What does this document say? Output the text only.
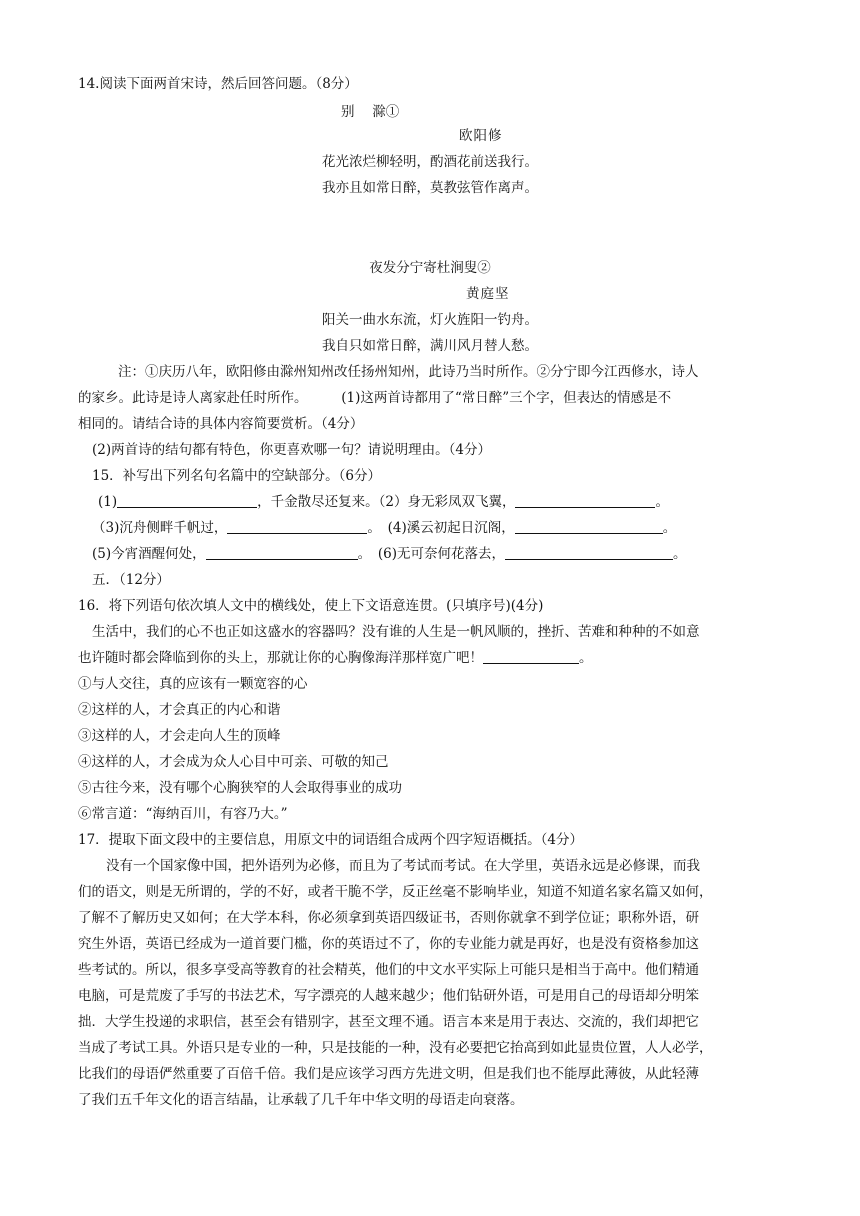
14.阅读下面两首宋诗，然后回答问题。（8分）
别　 滁①
欧阳修
花光浓烂柳轻明，酌酒花前送我行。
我亦且如常日醉，莫教弦管作离声。
夜发分宁寄杜涧叟②
黄庭坚
阳关一曲水东流，灯火旌阳一钓舟。
我自只如常日醉，满川风月替人愁。
注：①庆历八年，欧阳修由滁州知州改任扬州知州，此诗乃当时所作。②分宁即今江西修水，诗人
的家乡。此诗是诗人离家赴任时所作。　　　(1)这两首诗都用了“常日醉”三个字，但表达的情感是不
相同的。请结合诗的具体内容简要赏析。（4分）
(2)两首诗的结句都有特色，你更喜欢哪一句？请说明理由。（4分）
15．补写出下列名句名篇中的空缺部分。（6分）
(1)	，千金散尽还复来。（2）身无彩凤双飞翼，	。
（3)沉舟侧畔千帆过，	。　(4)溪云初起日沉阁，	。
(5)今宵酒醒何处，	。　(6)无可奈何花落去，	。
五．（12分）
16．将下列语句依次填人文中的横线处，使上下文语意连贯。(只填序号)(4分)
生活中，我们的心不也正如这盛水的容器吗？没有谁的人生是一帆风顺的，挫折、苦难和种种的不如意
也许随时都会降临到你的头上，那就让你的心胸像海洋那样宽广吧！	。
①与人交往，真的应该有一颗宽容的心
②这样的人，才会真正的内心和谐
③这样的人，才会走向人生的顶峰
④这样的人，才会成为众人心目中可亲、可敬的知己
⑤古往今来，没有哪个心胸狭窄的人会取得事业的成功
⑥常言道：“海纳百川，有容乃大。”
17．提取下面文段中的主要信息，用原文中的词语组合成两个四字短语概括。（4分）
没有一个国家像中国，把外语列为必修，而且为了考试而考试。在大学里，英语永远是必修课，而我
们的语文，则是无所谓的，学的不好，或者干脆不学，反正丝毫不影响毕业，知道不知道名家名篇又如何，
了解不了解历史又如何；在大学本科，你必须拿到英语四级证书，否则你就拿不到学位证；职称外语，研
究生外语，英语已经成为一道首要门槛，你的英语过不了，你的专业能力就是再好，也是没有资格参加这
些考试的。所以，很多享受高等教育的社会精英，他们的中文水平实际上可能只是相当于高中。他们精通
电脑，可是荒废了手写的书法艺术，写字漂亮的人越来越少；他们钻研外语，可是用自己的母语却分明笨
拙．大学生投递的求职信，甚至会有错别字，甚至文理不通。语言本来是用于表达、交流的，我们却把它
当成了考试工具。外语只是专业的一种，只是技能的一种，没有必要把它抬高到如此显贵位置，人人必学，
比我们的母语俨然重要了百倍千倍。我们是应该学习西方先进文明，但是我们也不能厚此薄彼，从此轻薄
了我们五千年文化的语言结晶，让承载了几千年中华文明的母语走向衰落。
